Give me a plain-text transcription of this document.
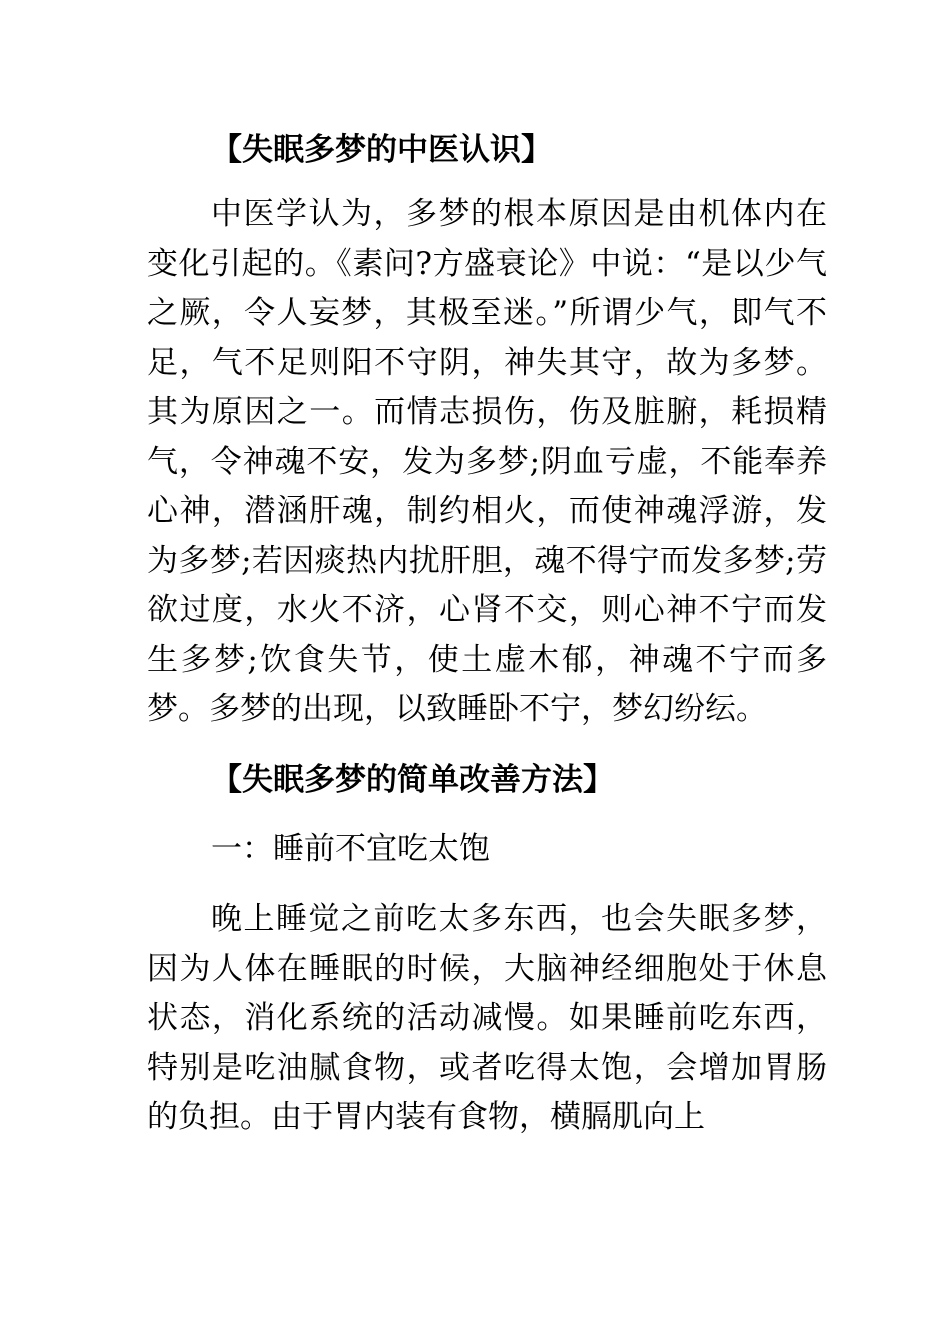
【失眠多梦的中医认识】

中医学认为，多梦的根本原因是由机体内在变化引起的。《素问?方盛衰论》中说：“是以少气之厥，令人妄梦，其极至迷。”所谓少气，即气不足，气不足则阳不守阴，神失其守，故为多梦。其为原因之一。而情志损伤，伤及脏腑，耗损精气，令神魂不安，发为多梦;阴血亏虚，不能奉养心神，潜涵肝魂，制约相火，而使神魂浮游，发为多梦;若因痰热内扰肝胆，魂不得宁而发多梦;劳欲过度，水火不济，心肾不交，则心神不宁而发生多梦;饮食失节，使土虚木郁，神魂不宁而多梦。多梦的出现，以致睡卧不宁，梦幻纷纭。

【失眠多梦的简单改善方法】

一：睡前不宜吃太饱

晚上睡觉之前吃太多东西，也会失眠多梦，因为人体在睡眠的时候，大脑神经细胞处于休息状态，消化系统的活动减慢。如果睡前吃东西，特别是吃油腻食物，或者吃得太饱，会增加胃肠的负担。由于胃内装有食物，横膈肌向上
